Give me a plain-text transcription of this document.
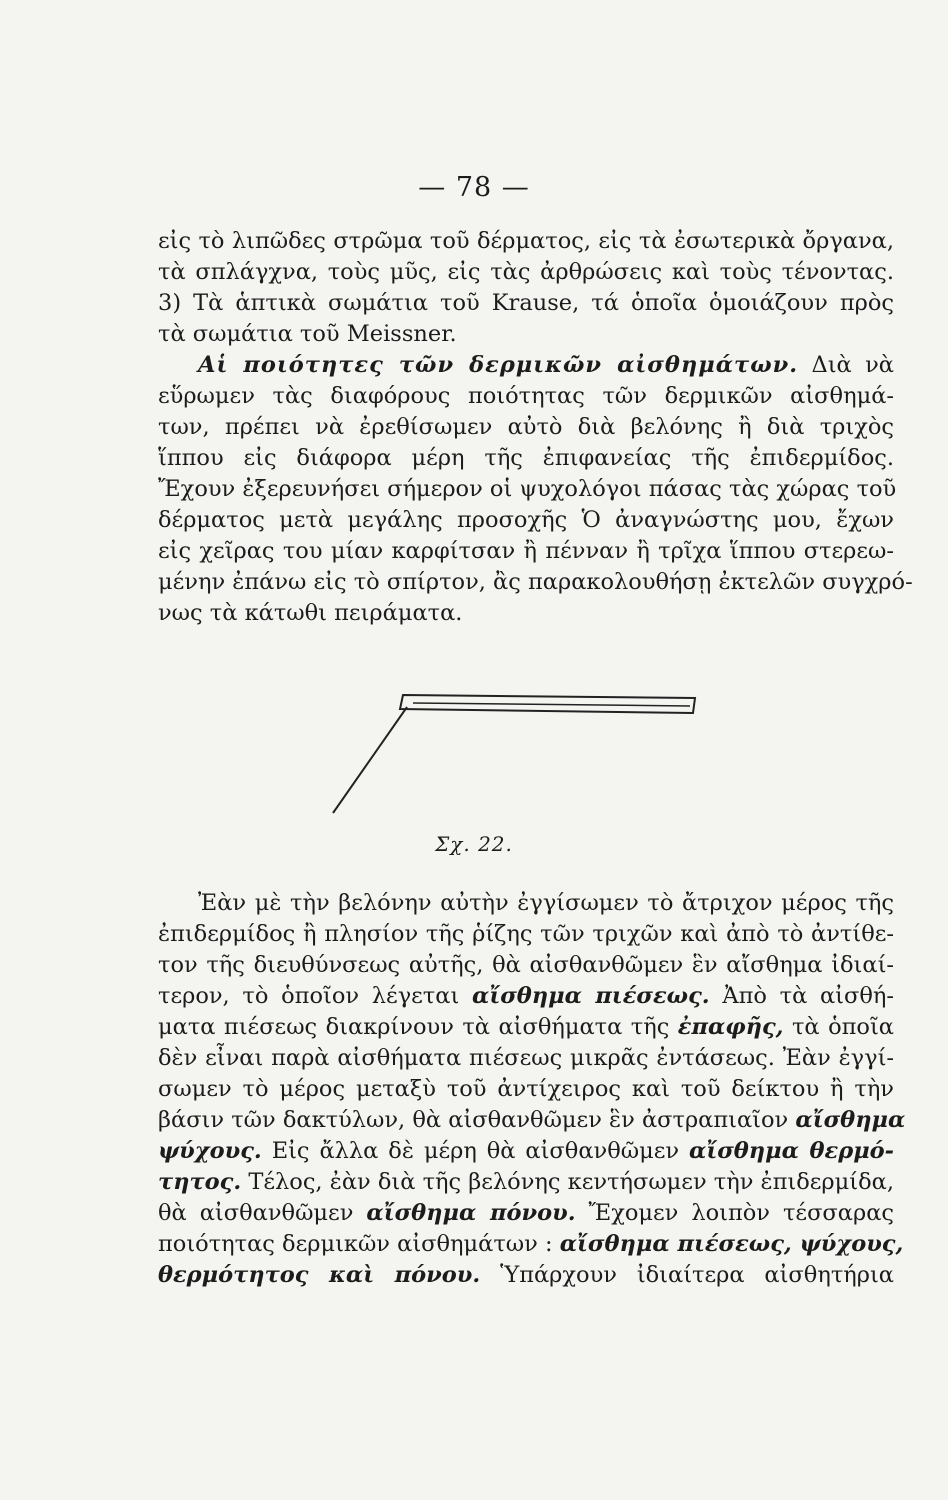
— 78 —
εἰς τὸ λιπῶδες στρῶμα τοῦ δέρματος, εἰς τὰ ἐσωτερικὰ ὄργανα,
τὰ σπλάγχνα, τοὺς μῦς, εἰς τὰς ἀρθρώσεις καὶ τοὺς τένοντας.
3) Τὰ ἁπτικὰ σωμάτια τοῦ Krause, τά ὁποῖα ὁμοιάζουν πρὸς
τὰ σωμάτια τοῦ Meissner.
Αἱ ποιότητες τῶν δερμικῶν αἰσθημάτων. Διὰ νὰ
εὕρωμεν τὰς διαφόρους ποιότητας τῶν δερμικῶν αἰσθημά-
των, πρέπει νὰ ἐρεθίσωμεν αὐτὸ διὰ βελόνης ἢ διὰ τριχὸς
ἵππου εἰς διάφορα μέρη τῆς ἐπιφανείας τῆς ἐπιδερμίδος.
Ἔχουν ἐξερευνήσει σήμερον οἱ ψυχολόγοι πάσας τὰς χώρας τοῦ
δέρματος μετὰ μεγάλης προσοχῆς Ὁ ἀναγνώστης μου, ἔχων
εἰς χεῖρας του μίαν καρφίτσαν ἢ πένναν ἢ τρῖχα ἵππου στερεω-
μένην ἐπάνω εἰς τὸ σπίρτον, ἂς παρακολουθήσῃ ἐκτελῶν συγχρό-
νως τὰ κάτωθι πειράματα.
Σχ. 22.
Ἐὰν μὲ τὴν βελόνην αὐτὴν ἐγγίσωμεν τὸ ἄτριχον μέρος τῆς
ἐπιδερμίδος ἢ πλησίον τῆς ῥίζης τῶν τριχῶν καὶ ἀπὸ τὸ ἀντίθε-
τον τῆς διευθύνσεως αὐτῆς, θὰ αἰσθανθῶμεν ἓν αἴσθημα ἰδιαί-
τερον, τὸ ὁποῖον λέγεται αἴσθημα πιέσεως. Ἀπὸ τὰ αἰσθή-
ματα πιέσεως διακρίνουν τὰ αἰσθήματα τῆς ἐπαφῆς, τὰ ὁποῖα
δὲν εἶναι παρὰ αἰσθήματα πιέσεως μικρᾶς ἐντάσεως. Ἐὰν ἐγγί-
σωμεν τὸ μέρος μεταξὺ τοῦ ἀντίχειρος καὶ τοῦ δείκτου ἢ τὴν
βάσιν τῶν δακτύλων, θὰ αἰσθανθῶμεν ἓν ἀστραπιαῖον αἴσθημα
ψύχους. Εἰς ἄλλα δὲ μέρη θὰ αἰσθανθῶμεν αἴσθημα θερμό-
τητος. Τέλος, ἐὰν διὰ τῆς βελόνης κεντήσωμεν τὴν ἐπιδερμίδα,
θὰ αἰσθανθῶμεν αἴσθημα πόνου. Ἔχομεν λοιπὸν τέσσαρας
ποιότητας δερμικῶν αἰσθημάτων : αἴσθημα πιέσεως, ψύχους,
θερμότητος καὶ πόνου. Ὑπάρχουν ἰδιαίτερα αἰσθητήρια
